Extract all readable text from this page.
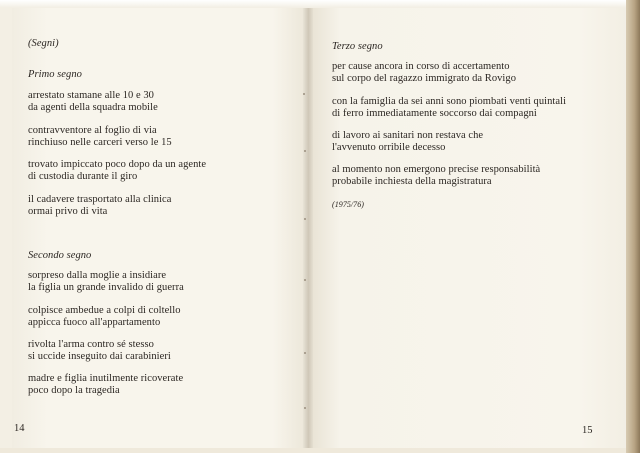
(Segni)
Primo segno
arrestato stamane alle 10 e 30
da agenti della squadra mobile
contravventore al foglio di via
rinchiuso nelle carceri verso le 15
trovato impiccato poco dopo da un agente
di custodia durante il giro
il cadavere trasportato alla clinica
ormai privo di vita
Secondo segno
sorpreso dalla moglie a insidiare
la figlia un grande invalido di guerra
colpisce ambedue a colpi di coltello
appicca fuoco all'appartamento
rivolta l'arma contro sé stesso
si uccide inseguito dai carabinieri
madre e figlia inutilmente ricoverate
poco dopo la tragedia
14
Terzo segno
per cause ancora in corso di accertamento
sul corpo del ragazzo immigrato da Rovigo
con la famiglia da sei anni sono piombati venti quintali
di ferro immediatamente soccorso dai compagni
di lavoro ai sanitari non restava che
l'avvenuto orribile decesso
al momento non emergono precise responsabilità
probabile inchiesta della magistratura
(1975/76)
15
